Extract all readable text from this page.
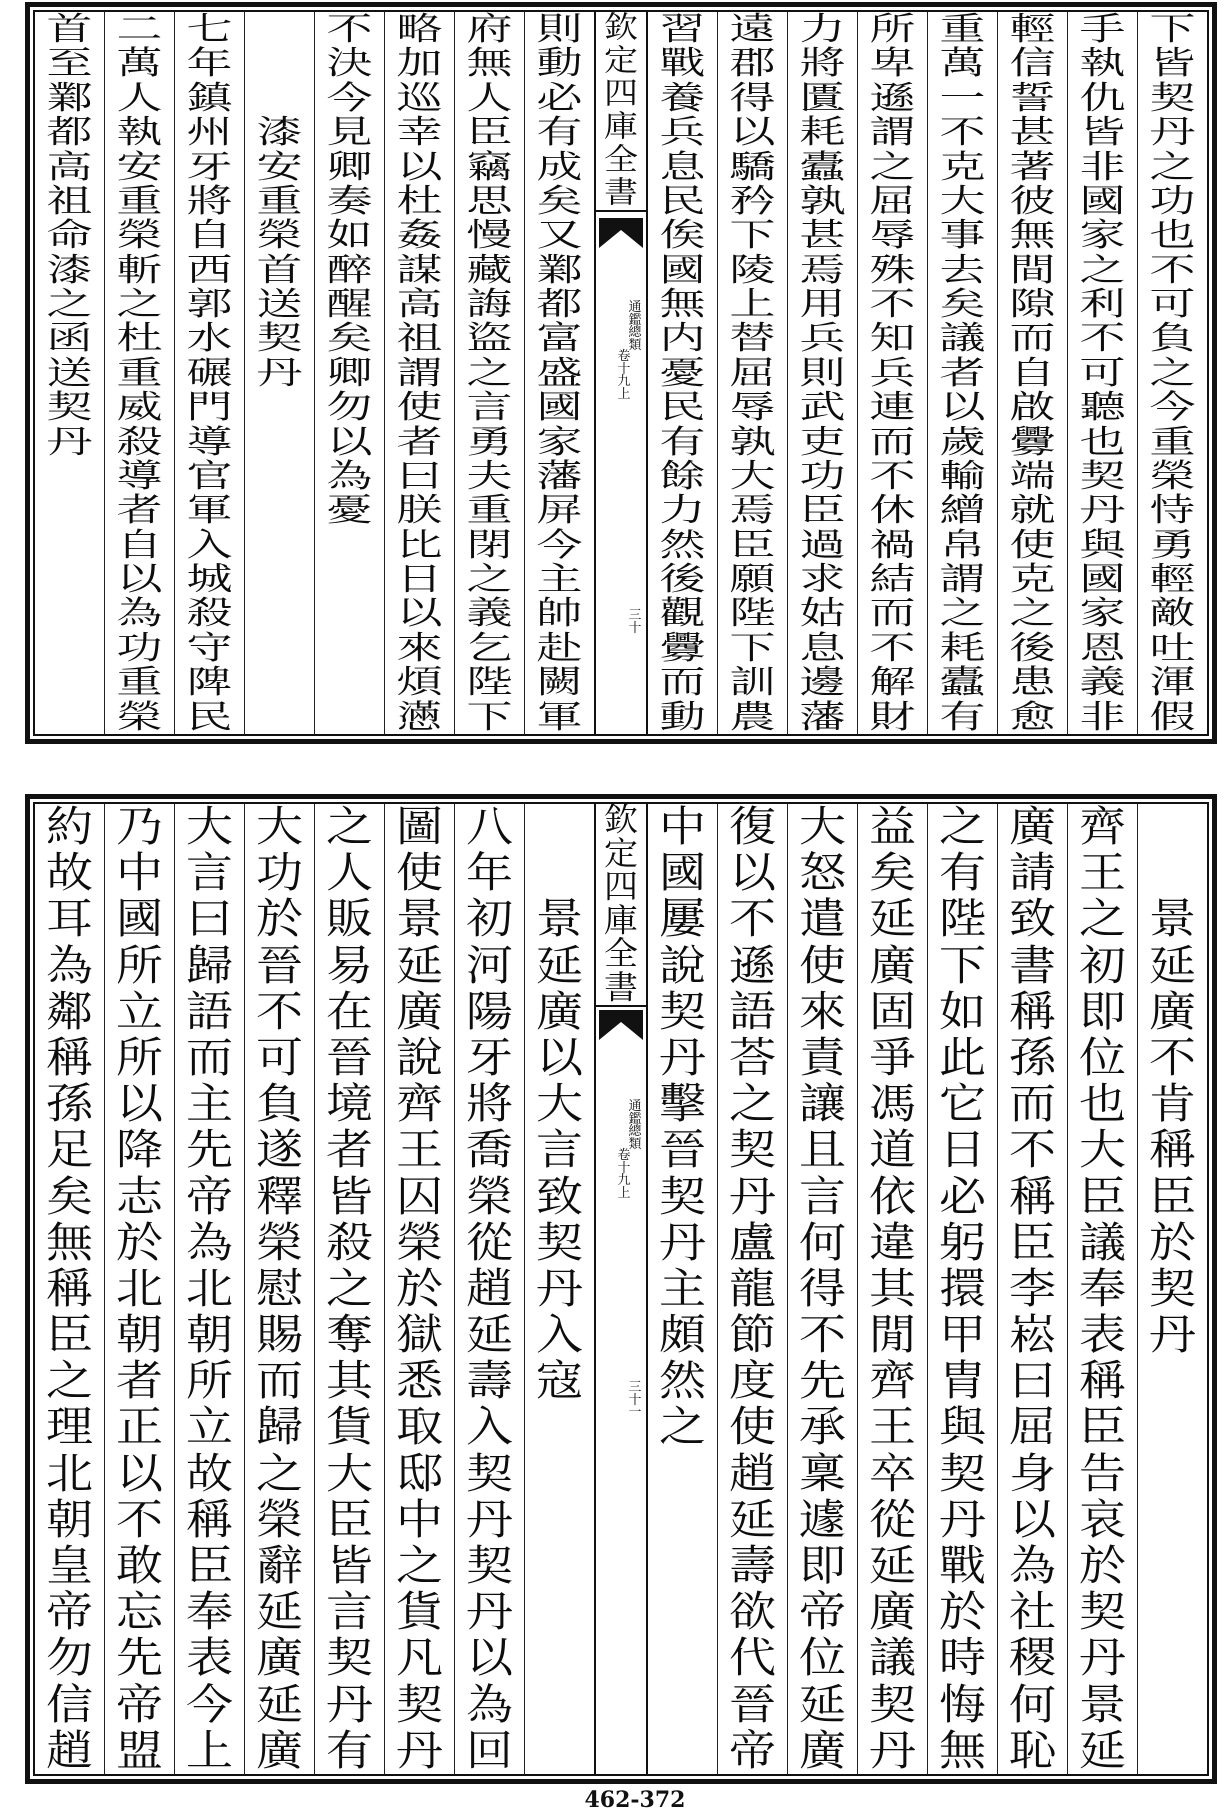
則
動
必
有
成
矣
又
鄴
都
富
盛
國
家
藩
屏
今
主
帥
赴
闕
軍
府
無
人
臣
竊
思
慢
藏
誨
盜
之
言
勇
夫
重
閉
之
義
乞
陛
下
略
加
巡
幸
以
杜
姦
謀
高
祖
謂
使
者
曰
朕
比
日
以
來
煩
懣
不
決
今
見
卿
奏
如
醉
醒
矣
卿
勿
以
為
憂
漆
安
重
榮
首
送
契
丹
七
年
鎮
州
牙
將
自
西
郭
水
碾
門
導
官
軍
入
城
殺
守
陴
民
二
萬
人
執
安
重
榮
斬
之
杜
重
威
殺
導
者
自
以
為
功
重
榮
首
至
鄴
都
高
祖
命
漆
之
函
送
契
丹
欽
定
四
庫
全
書
通
鑑
總
類
卷
十
九
上
三
十
下
皆
契
丹
之
功
也
不
可
負
之
今
重
榮
恃
勇
輕
敵
吐
渾
假
手
執
仇
皆
非
國
家
之
利
不
可
聽
也
契
丹
與
國
家
恩
義
非
輕
信
誓
甚
著
彼
無
間
隙
而
自
啟
釁
端
就
使
克
之
後
患
愈
重
萬
一
不
克
大
事
去
矣
議
者
以
歲
輸
繒
帛
謂
之
耗
蠹
有
所
卑
遜
謂
之
屈
辱
殊
不
知
兵
連
而
不
休
禍
結
而
不
解
財
力
將
匱
耗
蠹
孰
甚
焉
用
兵
則
武
吏
功
臣
過
求
姑
息
邊
藩
遠
郡
得
以
驕
矜
下
陵
上
替
屈
辱
孰
大
焉
臣
願
陛
下
訓
農
習
戰
養
兵
息
民
俟
國
無
内
憂
民
有
餘
力
然
後
觀
釁
而
動
景
延
廣
以
大
言
致
契
丹
入
寇
八
年
初
河
陽
牙
將
喬
榮
從
趙
延
壽
入
契
丹
契
丹
以
為
回
圖
使
景
延
廣
說
齊
王
囚
榮
於
獄
悉
取
邸
中
之
貨
凡
契
丹
之
人
販
易
在
晉
境
者
皆
殺
之
奪
其
貨
大
臣
皆
言
契
丹
有
大
功
於
晉
不
可
負
遂
釋
榮
慰
賜
而
歸
之
榮
辭
延
廣
延
廣
大
言
曰
歸
語
而
主
先
帝
為
北
朝
所
立
故
稱
臣
奉
表
今
上
乃
中
國
所
立
所
以
降
志
於
北
朝
者
正
以
不
敢
忘
先
帝
盟
約
故
耳
為
鄰
稱
孫
足
矣
無
稱
臣
之
理
北
朝
皇
帝
勿
信
趙
欽
定
四
庫
全
書
通
鑑
總
類
卷
十
九
上
三
十
一
景
延
廣
不
肯
稱
臣
於
契
丹
齊
王
之
初
即
位
也
大
臣
議
奉
表
稱
臣
告
哀
於
契
丹
景
延
廣
請
致
書
稱
孫
而
不
稱
臣
李
崧
曰
屈
身
以
為
社
稷
何
恥
之
有
陛
下
如
此
它
日
必
躬
擐
甲
胄
與
契
丹
戰
於
時
悔
無
益
矣
延
廣
固
爭
馮
道
依
違
其
閒
齊
王
卒
從
延
廣
議
契
丹
大
怒
遣
使
來
責
讓
且
言
何
得
不
先
承
稟
遽
即
帝
位
延
廣
復
以
不
遜
語
荅
之
契
丹
盧
龍
節
度
使
趙
延
壽
欲
代
晉
帝
中
國
屢
說
契
丹
擊
晉
契
丹
主
頗
然
之
462-372
